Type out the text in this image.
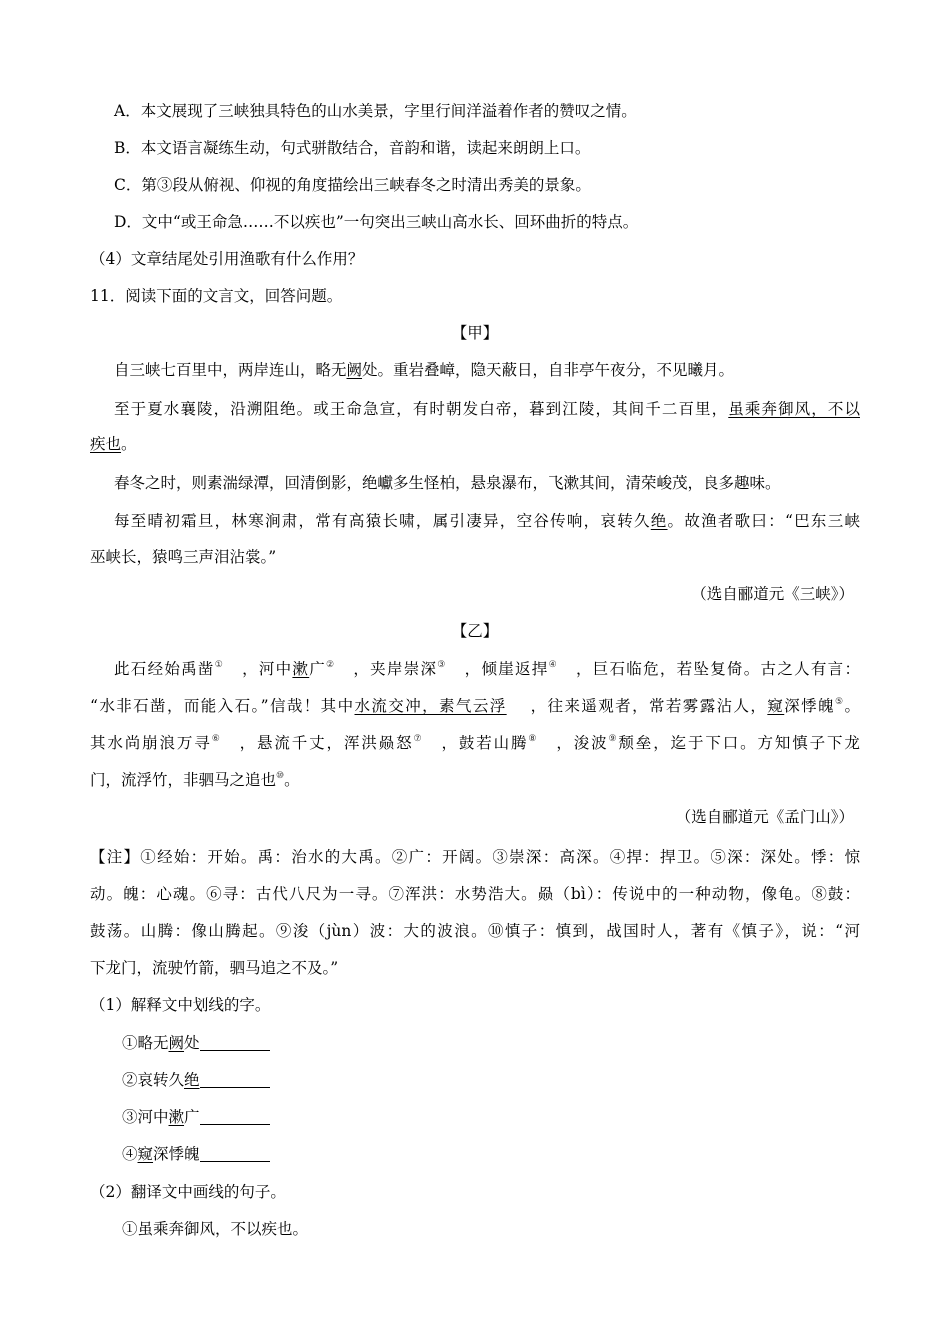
A．本文展现了三峡独具特色的山水美景，字里行间洋溢着作者的赞叹之情。
B．本文语言凝练生动，句式骈散结合，音韵和谐，读起来朗朗上口。
C．第③段从俯视、仰视的角度描绘出三峡春冬之时清出秀美的景象。
D．文中“或王命急……不以疾也”一句突出三峡山高水长、回环曲折的特点。
（4）文章结尾处引用渔歌有什么作用？
11．阅读下面的文言文，回答问题。
【甲】
自三峡七百里中，两岸连山，略无阙处。重岩叠嶂，隐天蔽日，自非亭午夜分，不见曦月。
至于夏水襄陵，沿溯阻绝。或王命急宣，有时朝发白帝，暮到江陵，其间千二百里，虽乘奔御风，不以
疾也。
春冬之时，则素湍绿潭，回清倒影，绝巘多生怪柏，悬泉瀑布，飞漱其间，清荣峻茂，良多趣味。
每至晴初霜旦，林寒涧肃，常有高猿长啸，属引凄异，空谷传响，哀转久绝。故渔者歌曰：“巴东三峡
巫峡长，猿鸣三声泪沾裳。”
（选自郦道元《三峡》）
【乙】
此石经始禹凿① ，河中漱广② ，夹岸崇深③ ，倾崖返捍④ ，巨石临危，若坠复倚。古之人有言：
“水非石凿，而能入石。”信哉！其中水流交冲，素气云浮 ，往来遥观者，常若雾露沾人，窥深悸魄⑤。
其水尚崩浪万寻⑥ ，悬流千丈，浑洪赑怒⑦ ，鼓若山腾⑧ ，浚波⑨颓垒，迄于下口。方知慎子下龙
门，流浮竹，非驷马之追也⑩。
（选自郦道元《孟门山》）
【注】①经始：开始。禹：治水的大禹。②广：开阔。③崇深：高深。④捍：捍卫。⑤深：深处。悸：惊
动。魄：心魂。⑥寻：古代八尺为一寻。⑦浑洪：水势浩大。赑（bì）：传说中的一种动物，像龟。⑧鼓：
鼓荡。山腾：像山腾起。⑨浚（jùn）波：大的波浪。⑩慎子：慎到，战国时人，著有《慎子》，说：“河
下龙门，流驶竹箭，驷马追之不及。”
（1）解释文中划线的字。
①略无阙处
②哀转久绝
③河中漱广
④窥深悸魄
（2）翻译文中画线的句子。
①虽乘奔御风，不以疾也。
